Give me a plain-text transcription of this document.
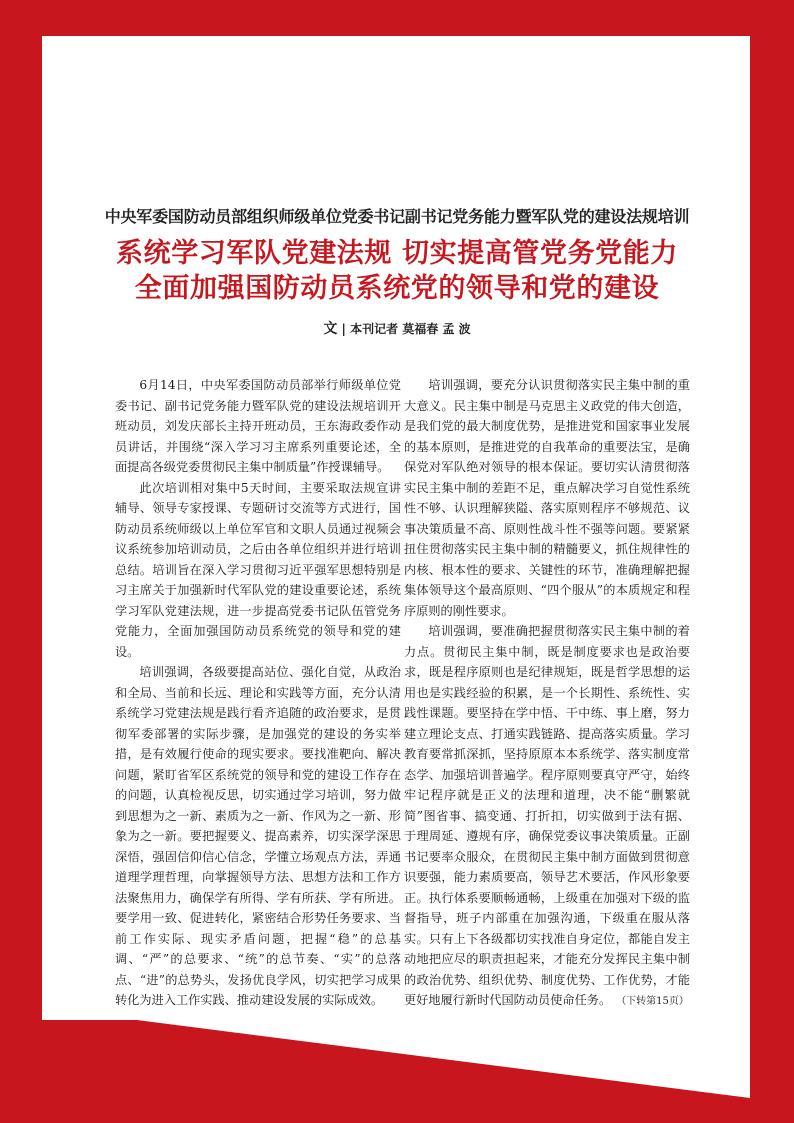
中央军委国防动员部组织师级单位党委书记副书记党务能力暨军队党的建设法规培训
系统学习军队党建法规 切实提高管党务党能力
全面加强国防动员系统党的领导和党的建设
文 | 本刊记者 莫福春 孟 波

6月14日，中央军委国防动员部举行师级单位党委书记、副书记党务能力暨军队党的建设法规培训开班动员，刘发庆部长主持开班动员，王东海政委作动员讲话，并围绕“深入学习习主席系列重要论述，全面提高各级党委贯彻民主集中制质量”作授课辅导。

此次培训相对集中5天时间，主要采取法规宣讲辅导、领导专家授课、专题研讨交流等方式进行，国防动员系统师级以上单位军官和文职人员通过视频会议系统参加培训动员，之后由各单位组织并进行培训总结。培训旨在深入学习贯彻习近平强军思想特别是习主席关于加强新时代军队党的建设重要论述，系统学习军队党建法规，进一步提高党委书记队伍管党务党能力，全面加强国防动员系统党的领导和党的建设。

培训强调，各级要提高站位、强化自觉，从政治和全局、当前和长远、理论和实践等方面，充分认清系统学习党建法规是践行看齐追随的政治要求，是贯彻军委部署的实际步骤，是加强党的建设的务实举措，是有效履行使命的现实要求。要找准靶向、解决问题，紧盯省军区系统党的领导和党的建设工作存在的问题，认真检视反思，切实通过学习培训，努力做到思想为之一新、素质为之一新、作风为之一新、形象为之一新。要把握要义、提高素养，切实深学深思深悟，强固信仰信心信念，学懂立场观点方法，弄通道理学理哲理，向掌握领导方法、思想方法和工作方法聚焦用力，确保学有所得、学有所获、学有所进。要学用一致、促进转化，紧密结合形势任务要求、当前工作实际、现实矛盾问题，把握“稳”的总基调、“严”的总要求、“统”的总节奏、“实”的总落点、“进”的总势头，发扬优良学风，切实把学习成果转化为进入工作实践、推动建设发展的实际成效。

培训强调，要充分认识贯彻落实民主集中制的重大意义。民主集中制是马克思主义政党的伟大创造，是我们党的最大制度优势，是推进党和国家事业发展的基本原则，是推进党的自我革命的重要法宝，是确保党对军队绝对领导的根本保证。要切实认清贯彻落实民主集中制的差距不足，重点解决学习自觉性系统性不够、认识理解狭隘、落实原则程序不够规范、议事决策质量不高、原则性战斗性不强等问题。要紧紧扭住贯彻落实民主集中制的精髓要义，抓住规律性的内核、根本性的要求、关键性的环节，准确理解把握集体领导这个最高原则、“四个服从”的本质规定和程序原则的刚性要求。

培训强调，要准确把握贯彻落实民主集中制的着力点。贯彻民主集中制，既是制度要求也是政治要求，既是程序原则也是纪律规矩，既是哲学思想的运用也是实践经验的积累，是一个长期性、系统性、实践性课题。要坚持在学中悟、干中练、事上磨，努力建立理论支点、打通实践链路、提高落实质量。学习教育要常抓深抓，坚持原原本本系统学、落实制度常态学、加强培训普遍学。程序原则要真守严守，始终牢记程序就是正义的法理和道理，决不能“删繁就简”图省事、搞变通、打折扣，切实做到于法有据、于理周延、遵规有序，确保党委议事决策质量。正副书记要率众服众，在贯彻民主集中制方面做到贯彻意识要强，能力素质要高，领导艺术要活，作风形象要正。执行体系要顺畅通畅，上级重在加强对下级的监督指导，班子内部重在加强沟通，下级重在服从落实。只有上下各级都切实找准自身定位，都能自发主动地把应尽的职责担起来，才能充分发挥民主集中制的政治优势、组织优势、制度优势、工作优势，才能更好地履行新时代国防动员使命任务。 （下转第15页）

2022.08第1期 | 中国民兵 | 05
